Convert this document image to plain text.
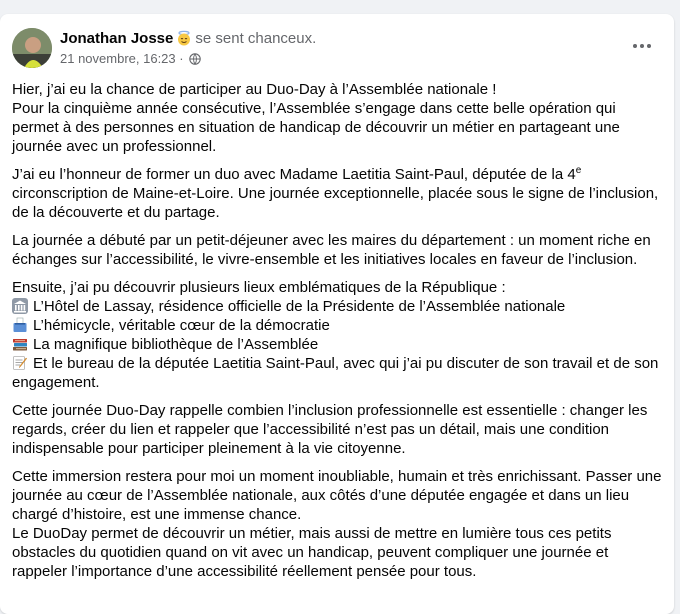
Jonathan Josse se sent chanceux.
21 novembre, 16:23 ·

Hier, j’ai eu la chance de participer au Duo-Day à l’Assemblée nationale !
Pour la cinquième année consécutive, l’Assemblée s’engage dans cette belle opération qui permet à des personnes en situation de handicap de découvrir un métier en partageant une journée avec un professionnel.

J’ai eu l’honneur de former un duo avec Madame Laetitia Saint-Paul, députée de la 4e circonscription de Maine-et-Loire. Une journée exceptionnelle, placée sous le signe de l’inclusion, de la découverte et du partage.

La journée a débuté par un petit-déjeuner avec les maires du département : un moment riche en échanges sur l’accessibilité, le vivre-ensemble et les initiatives locales en faveur de l’inclusion.

Ensuite, j’ai pu découvrir plusieurs lieux emblématiques de la République :
L’Hôtel de Lassay, résidence officielle de la Présidente de l’Assemblée nationale
L’hémicycle, véritable cœur de la démocratie
La magnifique bibliothèque de l’Assemblée
Et le bureau de la députée Laetitia Saint-Paul, avec qui j’ai pu discuter de son travail et de son engagement.

Cette journée Duo-Day rappelle combien l’inclusion professionnelle est essentielle : changer les regards, créer du lien et rappeler que l’accessibilité n’est pas un détail, mais une condition indispensable pour participer pleinement à la vie citoyenne.

Cette immersion restera pour moi un moment inoubliable, humain et très enrichissant. Passer une journée au cœur de l’Assemblée nationale, aux côtés d’une députée engagée et dans un lieu chargé d’histoire, est une immense chance.
Le DuoDay permet de découvrir un métier, mais aussi de mettre en lumière tous ces petits obstacles du quotidien quand on vit avec un handicap, peuvent compliquer une journée et rappeler l’importance d’une accessibilité réellement pensée pour tous.
